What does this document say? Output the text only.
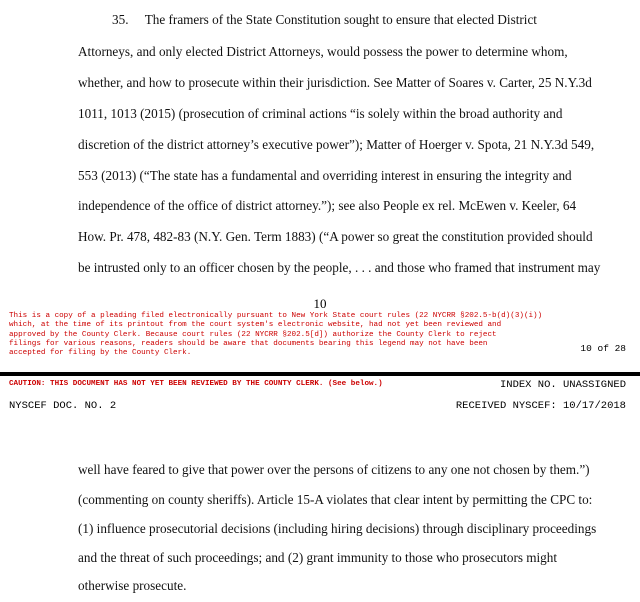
35.     The framers of the State Constitution sought to ensure that elected District
Attorneys, and only elected District Attorneys, would possess the power to determine whom,
whether, and how to prosecute within their jurisdiction. See Matter of Soares v. Carter, 25 N.Y.3d
1011, 1013 (2015) (prosecution of criminal actions “is solely within the broad authority and
discretion of the district attorney’s executive power”); Matter of Hoerger v. Spota, 21 N.Y.3d 549,
553 (2013) (“The state has a fundamental and overriding interest in ensuring the integrity and
independence of the office of district attorney.”); see also People ex rel. McEwen v. Keeler, 64
How. Pr. 478, 482-83 (N.Y. Gen. Term 1883) (“A power so great the constitution provided should
be intrusted only to an officer chosen by the people, . . . and those who framed that instrument may
10
This is a copy of a pleading filed electronically pursuant to New York State court rules (22 NYCRR §202.5-b(d)(3)(i))
which, at the time of its printout from the court system's electronic website, had not yet been reviewed and
approved by the County Clerk. Because court rules (22 NYCRR §202.5[d]) authorize the County Clerk to reject
filings for various reasons, readers should be aware that documents bearing this legend may not have been
accepted for filing by the County Clerk.	10 of 28
CAUTION: THIS DOCUMENT HAS NOT YET BEEN REVIEWED BY THE COUNTY CLERK. (See below.)	INDEX NO. UNASSIGNED
NYSCEF DOC. NO. 2	RECEIVED NYSCEF: 10/17/2018
well have feared to give that power over the persons of citizens to any one not chosen by them.”)
(commenting on county sheriffs). Article 15-A violates that clear intent by permitting the CPC to:
(1) influence prosecutorial decisions (including hiring decisions) through disciplinary proceedings
and the threat of such proceedings; and (2) grant immunity to those who prosecutors might
otherwise prosecute.
